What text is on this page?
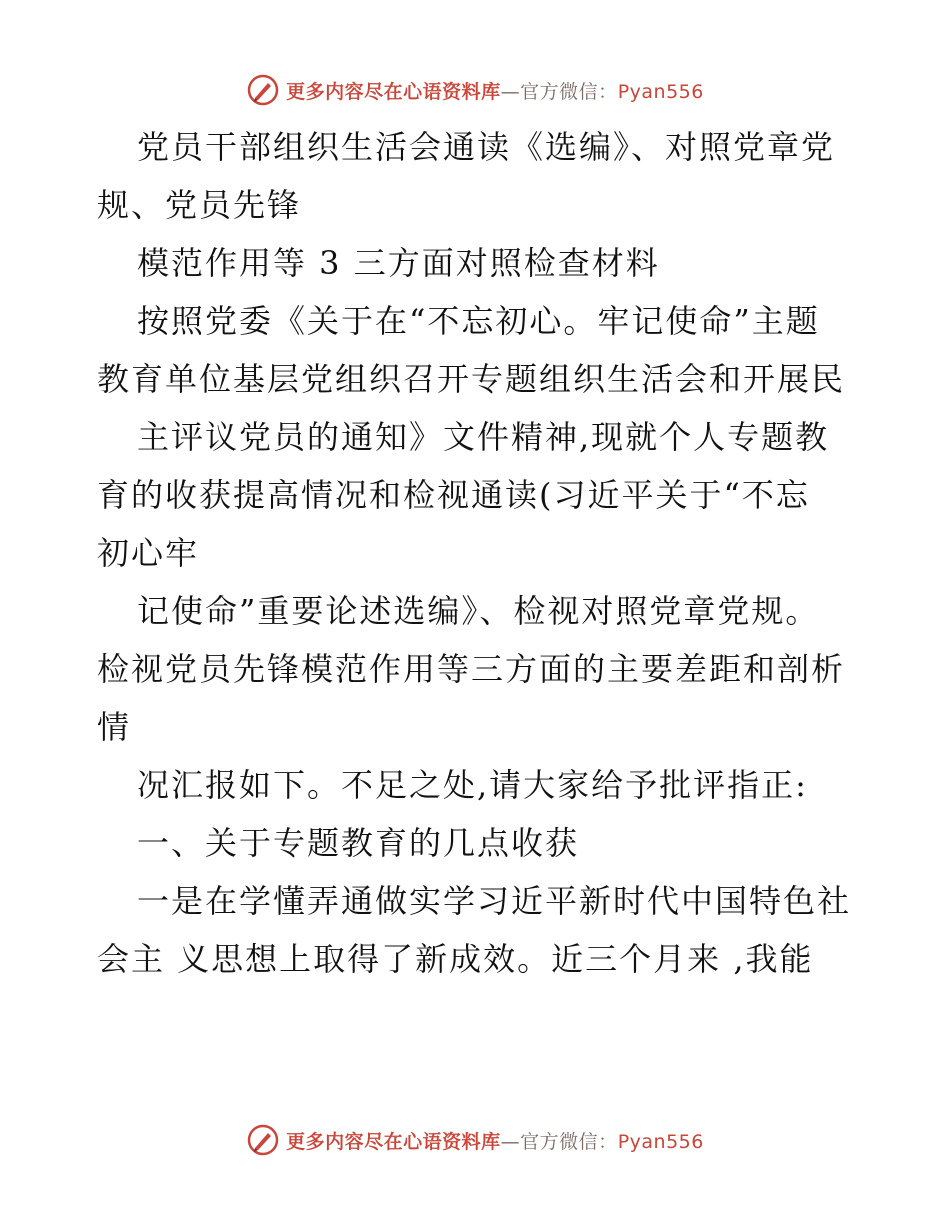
更多内容尽在心语资料库—官方微信：Pyan556
党员干部组织生活会通读《选编》、对照党章党
规、党员先锋
模范作用等 3 三方面对照检查材料
按照党委《关于在“不忘初心。牢记使命”主题
教育单位基层党组织召开专题组织生活会和开展民
主评议党员的通知》文件精神,现就个人专题教
育的收获提高情况和检视通读(习近平关于“不忘
初心牢
记使命”重要论述选编》、检视对照党章党规。
检视党员先锋模范作用等三方面的主要差距和剖析
情
况汇报如下。不足之处,请大家给予批评指正:
一、关于专题教育的几点收获
一是在学懂弄通做实学习近平新时代中国特色社
会主 义思想上取得了新成效。近三个月来 ,我能
更多内容尽在心语资料库—官方微信：Pyan556
